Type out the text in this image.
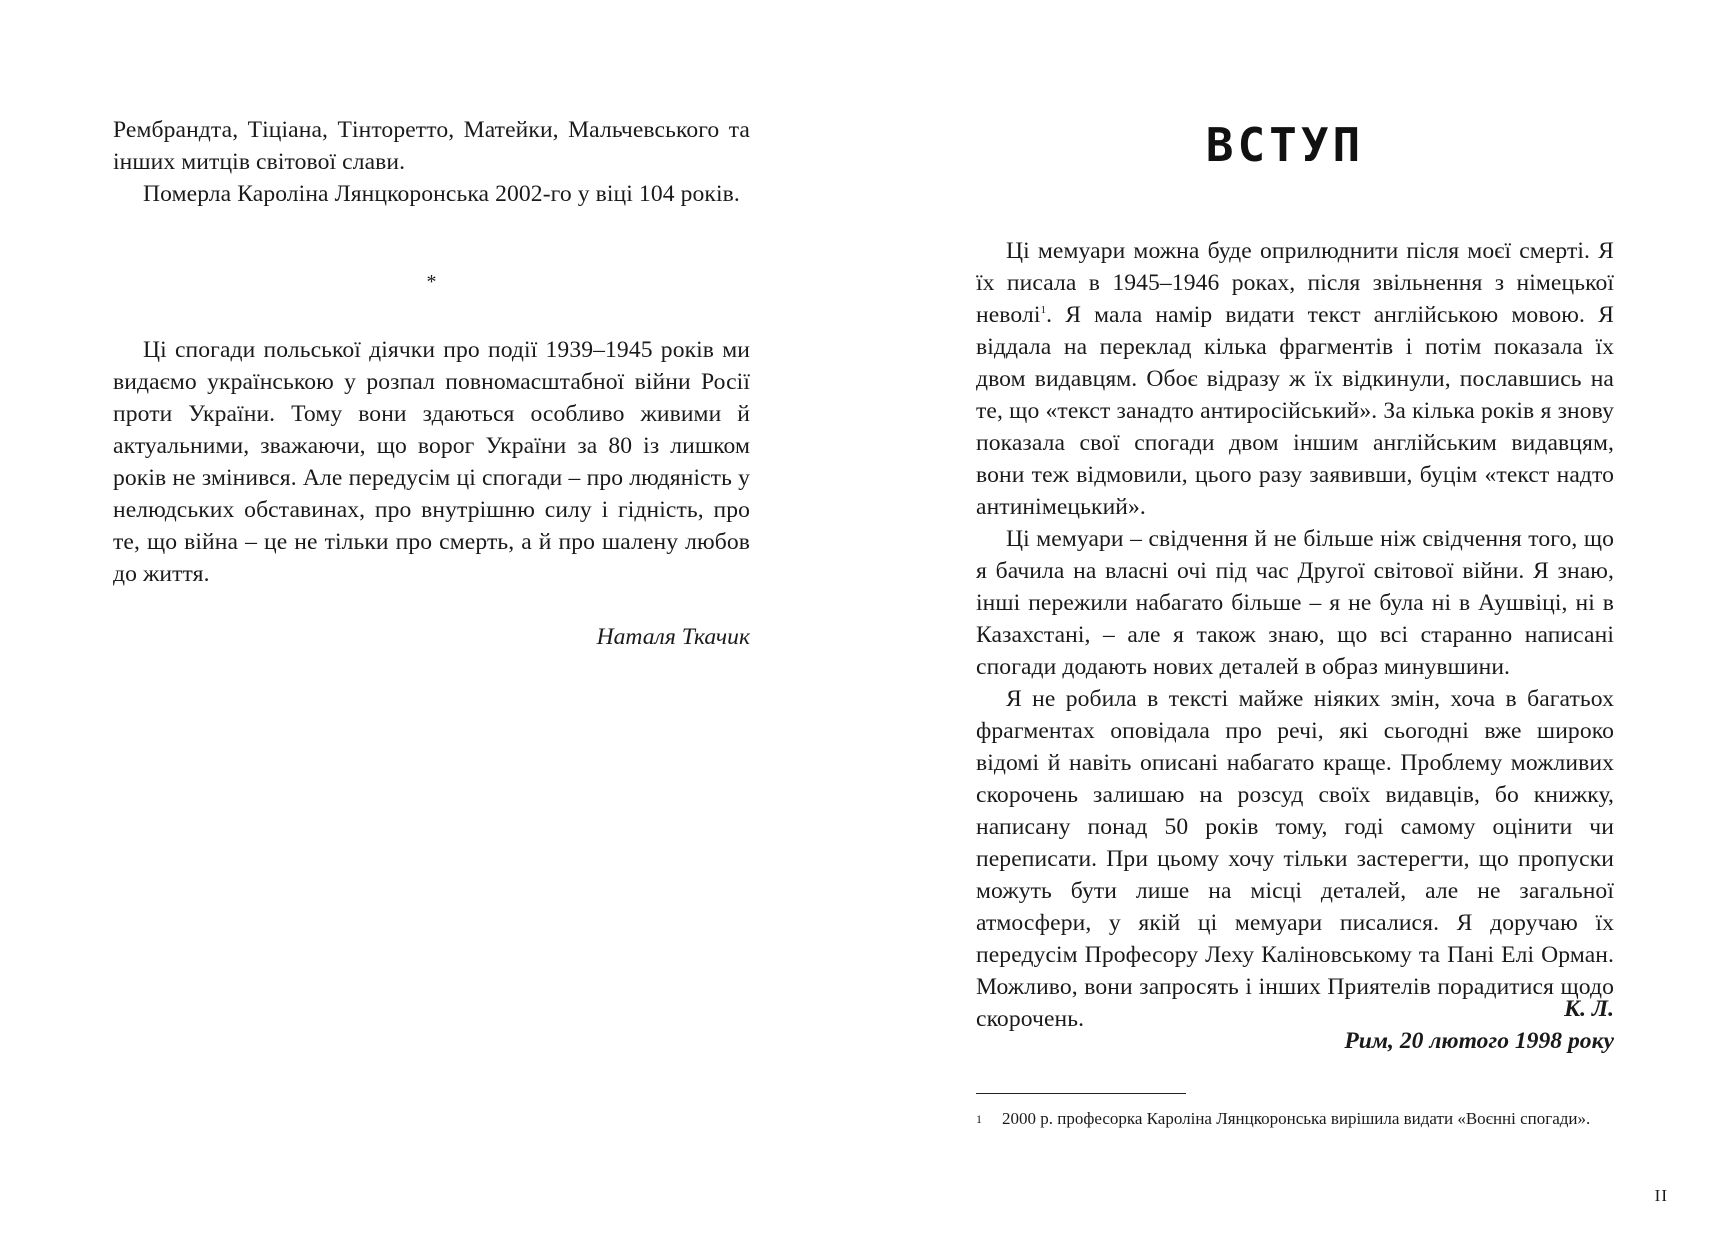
Рембрандта, Тіціана, Тінторетто, Матейки, Мальчевського та інших митців світової слави.

Померла Кароліна Лянцкоронська 2002-го у віці 104 років.

*

Ці спогади польської діячки про події 1939–1945 років ми видаємо українською у розпал повномасштабної війни Росії проти України. Тому вони здаються особливо живими й актуальними, зважаючи, що ворог України за 80 із лишком років не змінився. Але передусім ці спогади – про людяність у нелюдських обставинах, про внутрішню силу і гідність, про те, що війна – це не тільки про смерть, а й про шалену любов до життя.

Наталя Ткачик
ВСТУП

Ці мемуари можна буде оприлюднити після моєї смерті. Я їх писала в 1945–1946 роках, після звільнення з німецької неволі$^1$. Я мала намір видати текст англійською мовою. Я віддала на переклад кілька фрагментів і потім показала їх двом видавцям. Обоє відразу ж їх відкинули, пославшись на те, що «текст занадто антиросійський». За кілька років я знову показала свої спогади двом іншим англійським видавцям, вони теж відмовили, цього разу заявивши, буцім «текст надто антинімецький».

Ці мемуари – свідчення й не більше ніж свідчення того, що я бачила на власні очі під час Другої світової війни. Я знаю, інші пережили набагато більше – я не була ні в Аушвіці, ні в Казахстані, – але я також знаю, що всі старанно написані спогади додають нових деталей в образ минувшини.

Я не робила в тексті майже ніяких змін, хоча в багатьох фрагментах оповідала про речі, які сьогодні вже широко відомі й навіть описані набагато краще. Проблему можливих скорочень залишаю на розсуд своїх видавців, бо книжку, написану понад 50 років тому, годі самому оцінити чи переписати. При цьому хочу тільки застерегти, що пропуски можуть бути лише на місці деталей, але не загальної атмосфери, у якій ці мемуари писалися. Я доручаю їх передусім Професору Леху Каліновському та Пані Елі Орман. Можливо, вони запросять і інших Приятелів порадитися щодо скорочень.	К. Л.
Рим, 20 лютого 1998 року
1 2000 р. професорка Кароліна Лянцкоронська вирішила видати «Воєнні спогади».
II
